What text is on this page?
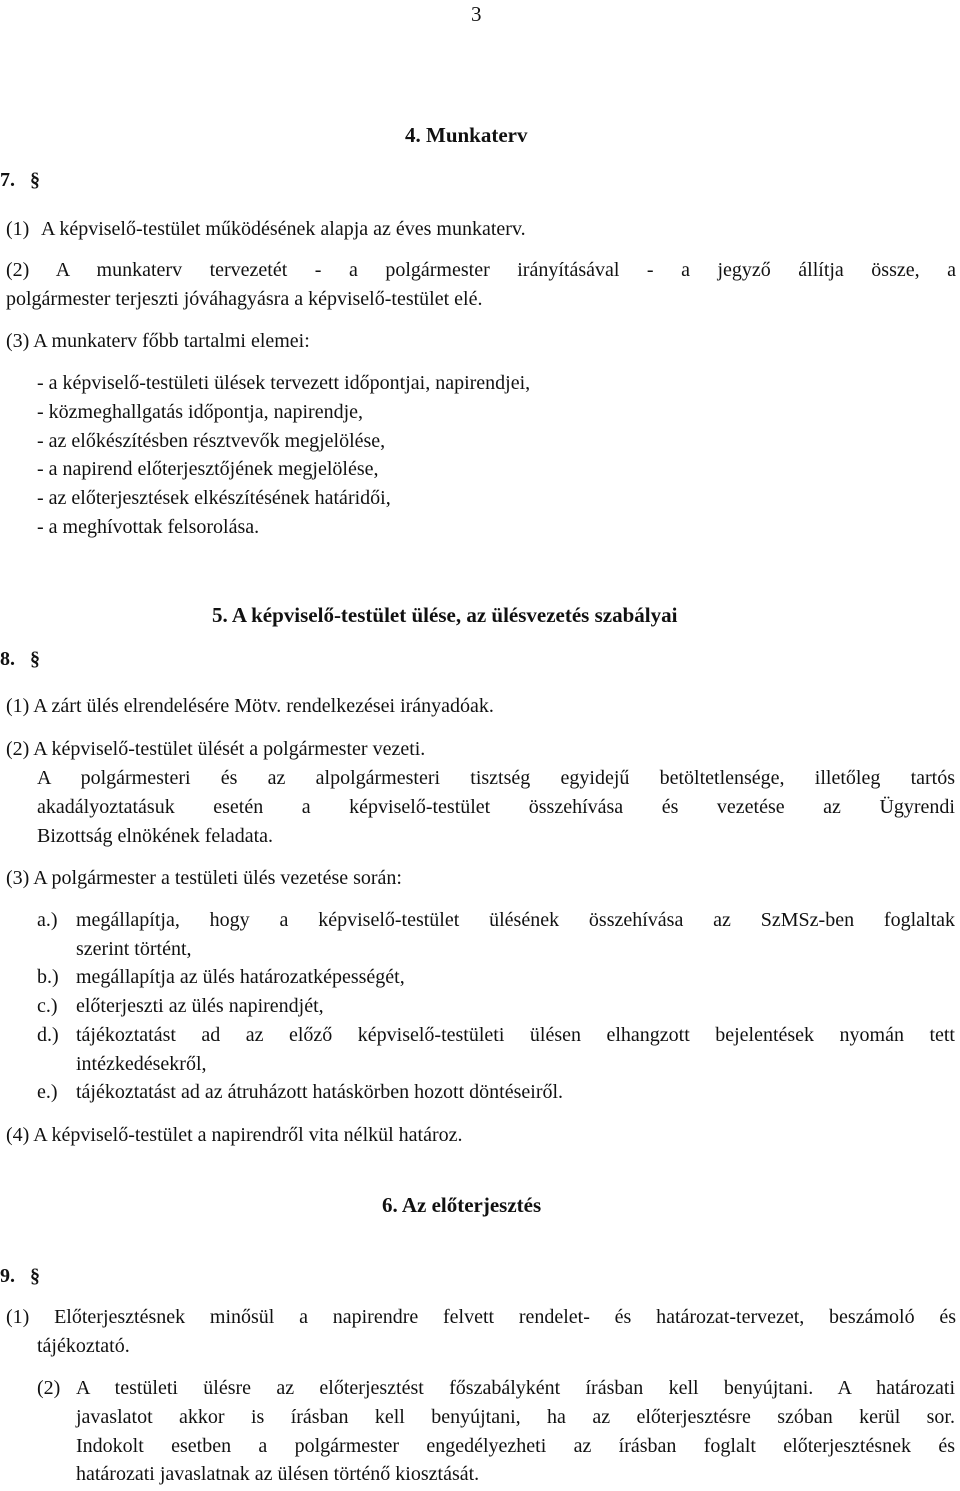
3
4. Munkaterv
7. §
(1) A képviselő-testület működésének alapja az éves munkaterv.
(2) A munkaterv tervezetét - a polgármester irányításával - a jegyző állítja össze, a
polgármester terjeszti jóváhagyásra a képviselő-testület elé.
(3) A munkaterv főbb tartalmi elemei:
- a képviselő-testületi ülések tervezett időpontjai, napirendjei,
- közmeghallgatás időpontja, napirendje,
- az előkészítésben résztvevők megjelölése,
- a napirend előterjesztőjének megjelölése,
- az előterjesztések elkészítésének határidői,
- a meghívottak felsorolása.
5. A képviselő-testület ülése, az ülésvezetés szabályai
8. §
(1) A zárt ülés elrendelésére Mötv. rendelkezései irányadóak.
(2) A képviselő-testület ülését a polgármester vezeti.
A polgármesteri és az alpolgármesteri tisztség egyidejű betöltetlensége, illetőleg tartós
akadályoztatásuk esetén a képviselő-testület összehívása és vezetése az Ügyrendi
Bizottság elnökének feladata.
(3) A polgármester a testületi ülés vezetése során:
a.) megállapítja, hogy a képviselő-testület ülésének összehívása az SzMSz-ben foglaltak
szerint történt,
b.) megállapítja az ülés határozatképességét,
c.) előterjeszti az ülés napirendjét,
d.) tájékoztatást ad az előző képviselő-testületi ülésen elhangzott bejelentések nyomán tett
intézkedésekről,
e.) tájékoztatást ad az átruházott hatáskörben hozott döntéseiről.
(4) A képviselő-testület a napirendről vita nélkül határoz.
6. Az előterjesztés
9. §
(1) Előterjesztésnek minősül a napirendre felvett rendelet- és határozat-tervezet, beszámoló és
tájékoztató.
(2) A testületi ülésre az előterjesztést főszabályként írásban kell benyújtani. A határozati
javaslatot akkor is írásban kell benyújtani, ha az előterjesztésre szóban kerül sor.
Indokolt esetben a polgármester engedélyezheti az írásban foglalt előterjesztésnek és
határozati javaslatnak az ülésen történő kiosztását.
